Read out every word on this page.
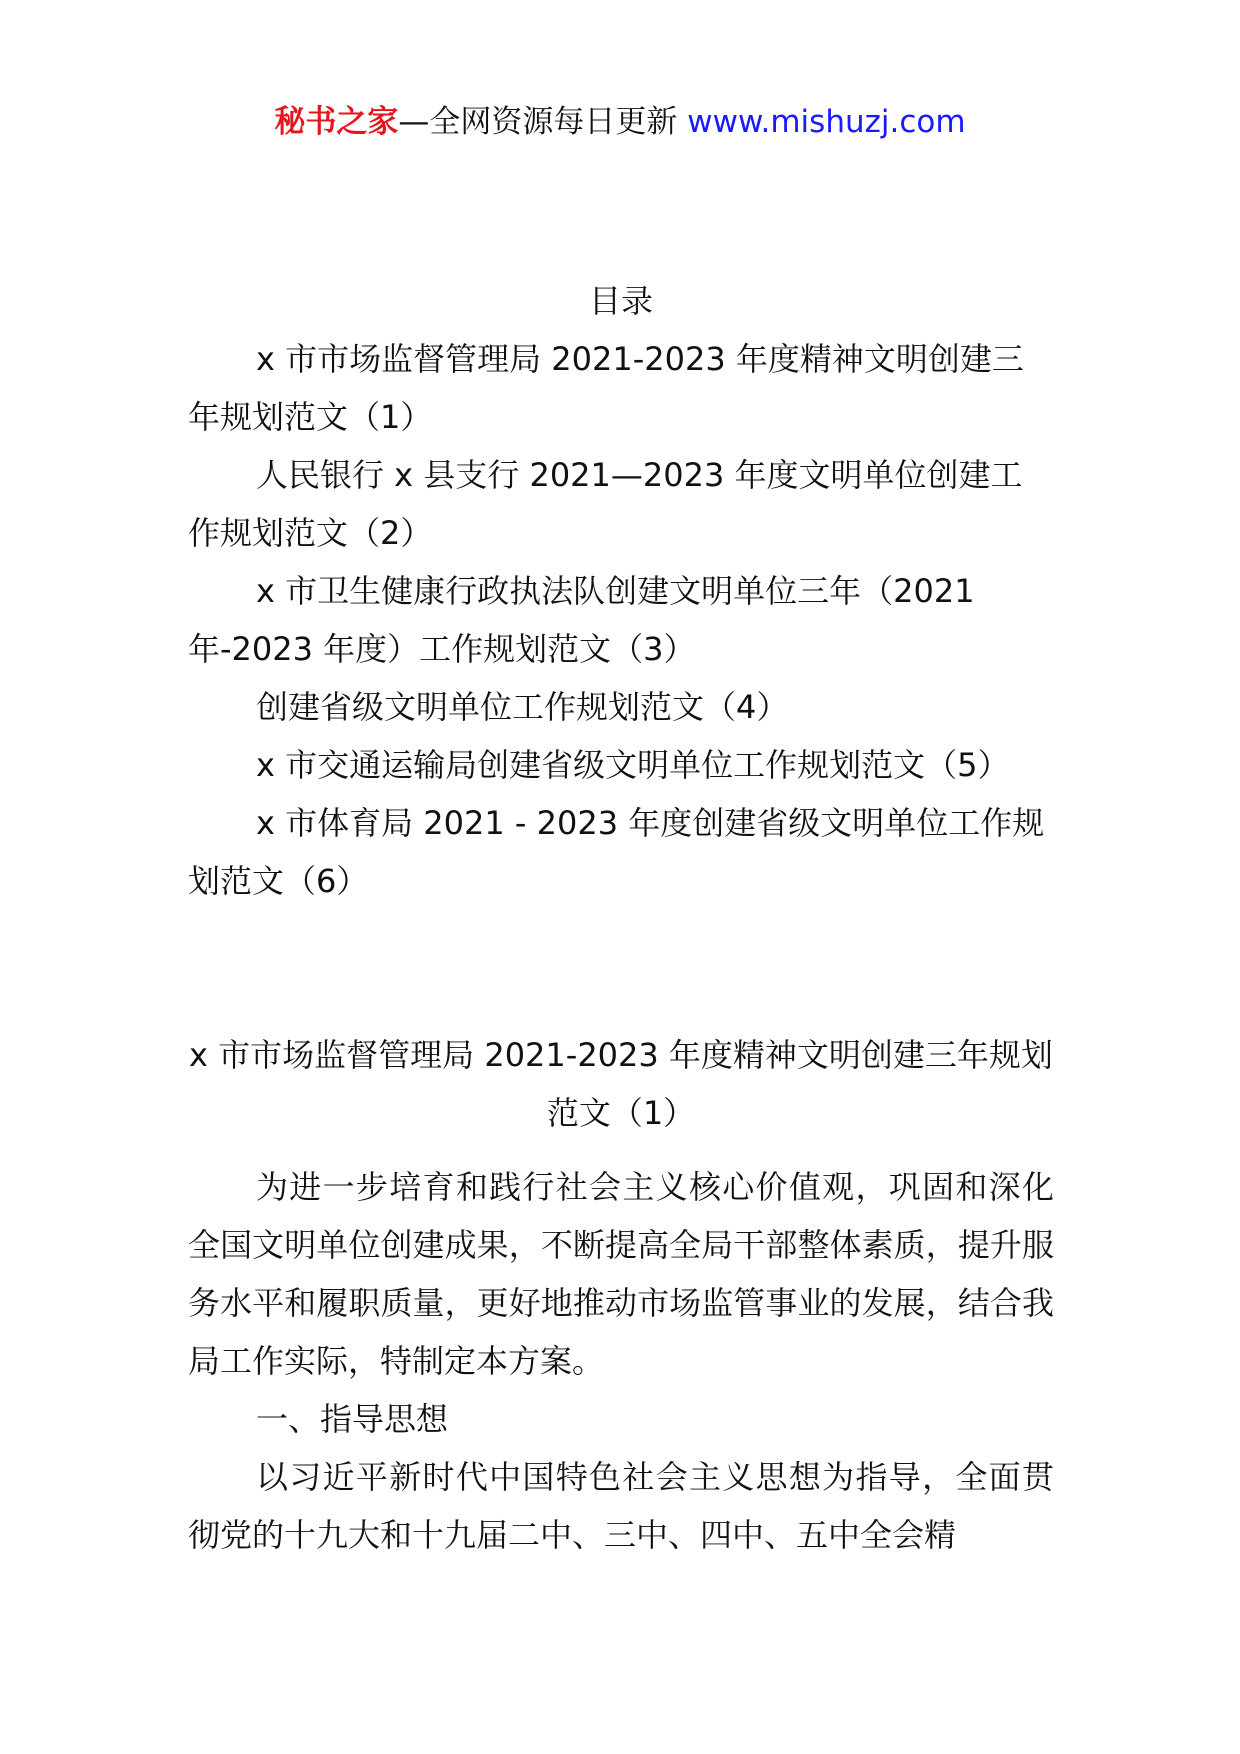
秘书之家—全网资源每日更新 www.mishuzj.com

目录

x 市市场监督管理局 2021-2023 年度精神文明创建三年规划范文（1）

人民银行 x 县支行 2021—2023 年度文明单位创建工作规划范文（2）

x 市卫生健康行政执法队创建文明单位三年（2021 年-2023 年度）工作规划范文（3）

创建省级文明单位工作规划范文（4）

x 市交通运输局创建省级文明单位工作规划范文（5）

x 市体育局 2021 - 2023 年度创建省级文明单位工作规划范文（6）

x 市市场监督管理局 2021-2023 年度精神文明创建三年规划范文（1）

为进一步培育和践行社会主义核心价值观，巩固和深化全国文明单位创建成果，不断提高全局干部整体素质，提升服务水平和履职质量，更好地推动市场监管事业的发展，结合我局工作实际，特制定本方案。

一、指导思想

以习近平新时代中国特色社会主义思想为指导，全面贯彻党的十九大和十九届二中、三中、四中、五中全会精
